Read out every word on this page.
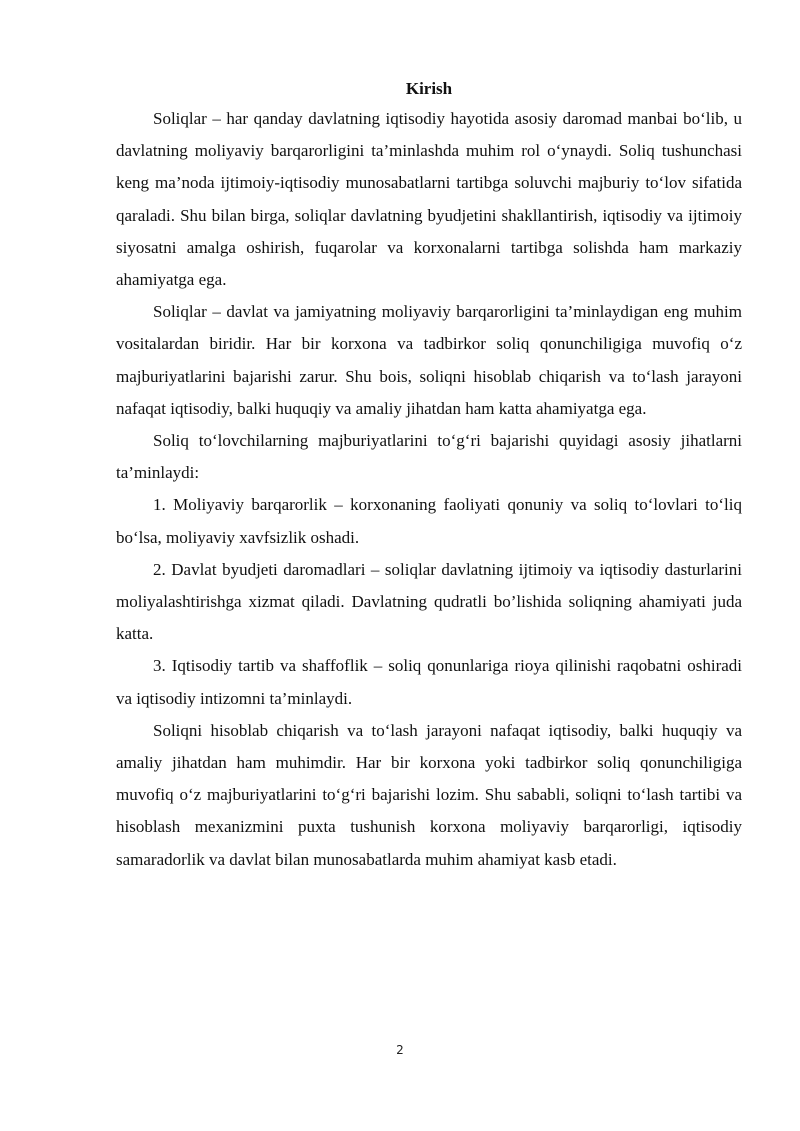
Kirish

Soliqlar – har qanday davlatning iqtisodiy hayotida asosiy daromad manbai bo‘lib, u davlatning moliyaviy barqarorligini ta’minlashda muhim rol o‘ynaydi. Soliq tushunchasi keng ma’noda ijtimoiy-iqtisodiy munosabatlarni tartibga soluvchi majburiy to‘lov sifatida qaraladi. Shu bilan birga, soliqlar davlatning byudjetini shakllantirish, iqtisodiy va ijtimoiy siyosatni amalga oshirish, fuqarolar va korxonalarni tartibga solishda ham markaziy ahamiyatga ega.

Soliqlar – davlat va jamiyatning moliyaviy barqarorligini ta’minlaydigan eng muhim vositalardan biridir. Har bir korxona va tadbirkor soliq qonunchiligiga muvofiq o‘z majburiyatlarini bajarishi zarur. Shu bois, soliqni hisoblab chiqarish va to‘lash jarayoni nafaqat iqtisodiy, balki huquqiy va amaliy jihatdan ham katta ahamiyatga ega.

Soliq to‘lovchilarning majburiyatlarini to‘g‘ri bajarishi quyidagi asosiy jihatlarni ta’minlaydi:

1. Moliyaviy barqarorlik – korxonaning faoliyati qonuniy va soliq to‘lovlari to‘liq bo‘lsa, moliyaviy xavfsizlik oshadi.

2. Davlat byudjeti daromadlari – soliqlar davlatning ijtimoiy va iqtisodiy dasturlarini moliyalashtirishga xizmat qiladi. Davlatning qudratli bo’lishida soliqning ahamiyati juda katta.

3. Iqtisodiy tartib va shaffoflik – soliq qonunlariga rioya qilinishi raqobatni oshiradi va iqtisodiy intizomni ta’minlaydi.

Soliqni hisoblab chiqarish va to‘lash jarayoni nafaqat iqtisodiy, balki huquqiy va amaliy jihatdan ham muhimdir. Har bir korxona yoki tadbirkor soliq qonunchiligiga muvofiq o‘z majburiyatlarini to‘g‘ri bajarishi lozim. Shu sababli, soliqni to‘lash tartibi va hisoblash mexanizmini puxta tushunish korxona moliyaviy barqarorligi, iqtisodiy samaradorlik va davlat bilan munosabatlarda muhim ahamiyat kasb etadi.

2
